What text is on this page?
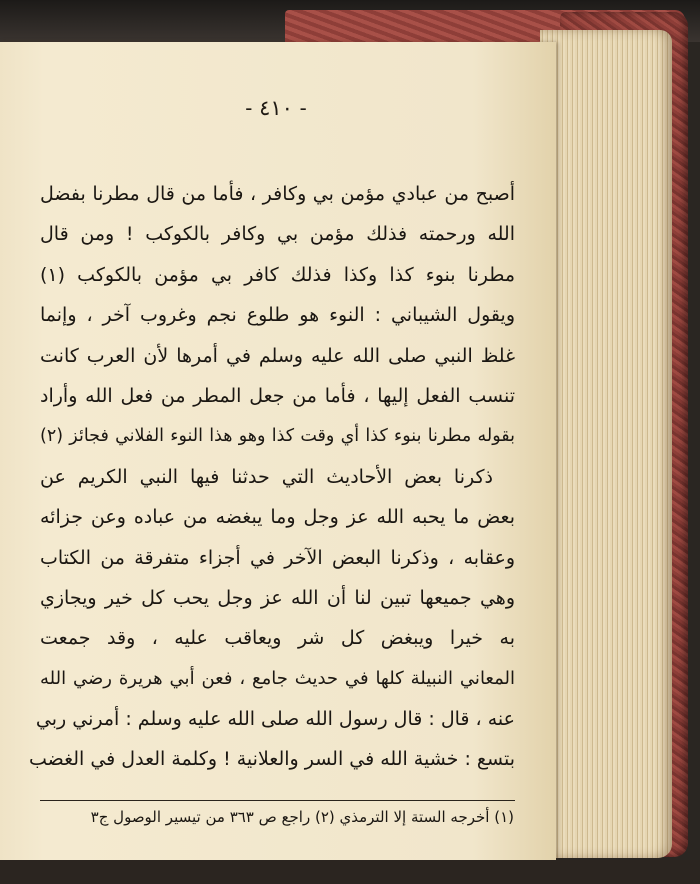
- ٤١٠ -
أصبح من عبادي مؤمن بي وكافر ، فأما من قال مطرنا بفضل
الله ورحمته فذلك مؤمن بي وكافر بالكوكب ! ومن قال
مطرنا بنوء كذا وكذا فذلك كافر بي مؤمن بالكوكب (١)
ويقول الشيباني : النوء هو طلوع نجم وغروب آخر ، وإنما
غلظ النبي صلى الله عليه وسلم في أمرها لأن العرب كانت
تنسب الفعل إليها ، فأما من جعل المطر من فعل الله وأراد
بقوله مطرنا بنوء كذا أي وقت كذا وهو هذا النوء الفلاني فجائز (٢)
ذكرنا بعض الأحاديث التي حدثنا فيها النبي الكريم عن
بعض ما يحبه الله عز وجل وما يبغضه من عباده وعن جزائه
وعقابه ، وذكرنا البعض الآخر في أجزاء متفرقة من الكتاب
وهي جميعها تبين لنا أن الله عز وجل يحب كل خير ويجازي
به خيرا ويبغض كل شر ويعاقب عليه ، وقد جمعت
المعاني النبيلة كلها في حديث جامع ، فعن أبي هريرة رضي الله
عنه ، قال : قال رسول الله صلى الله عليه وسلم : أمرني ربي
بتسع : خشية الله في السر والعلانية ! وكلمة العدل في الغضب
(١) أخرجه الستة إلا الترمذي (٢) راجع ص ٣٦٣ من تيسير الوصول ج٣
